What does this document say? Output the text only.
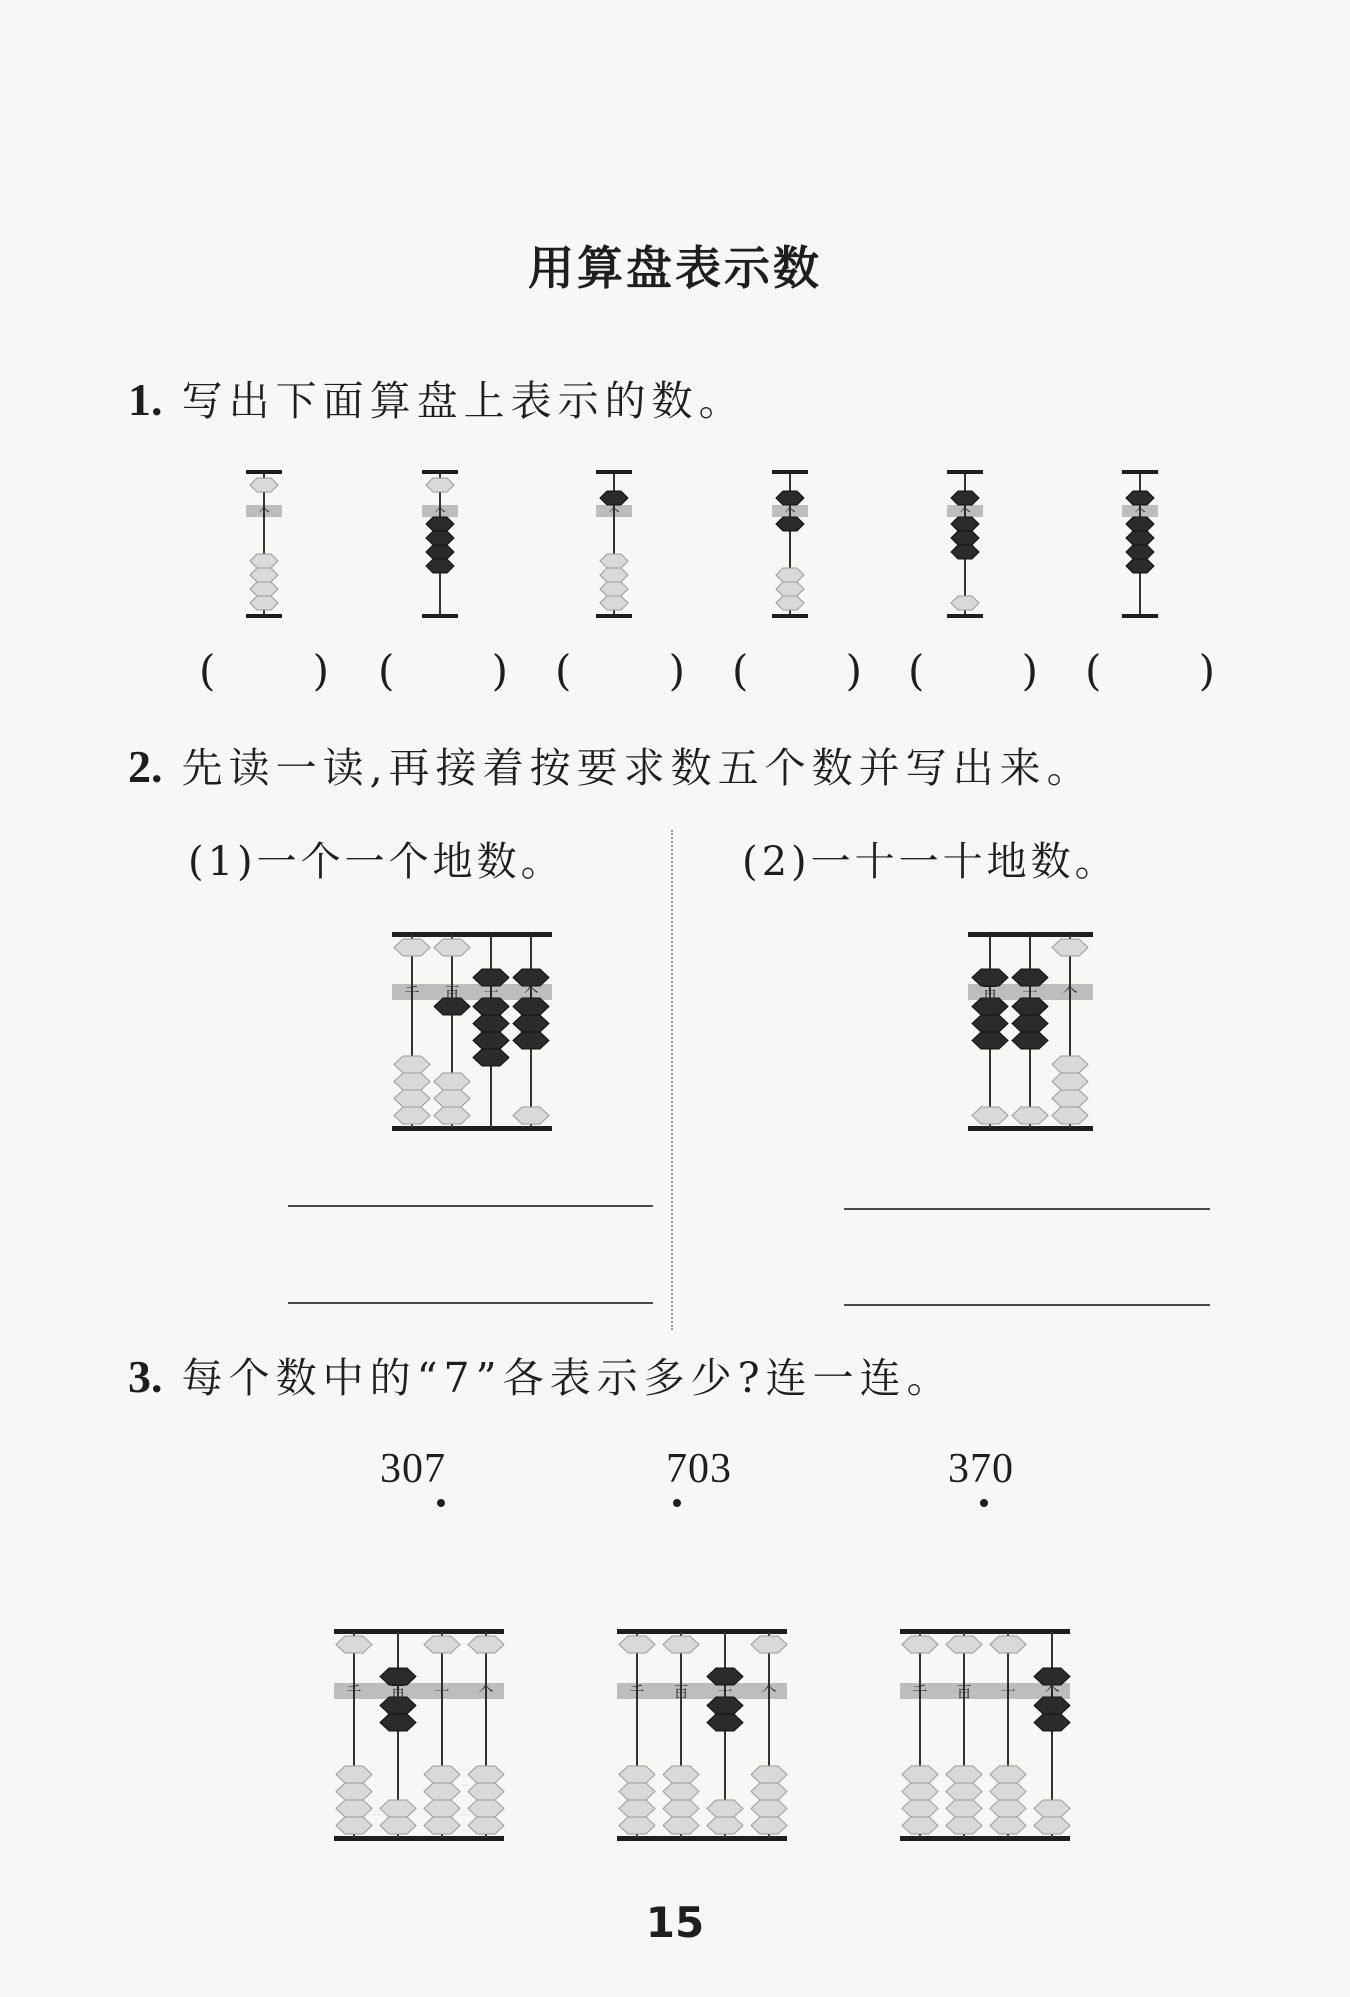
用算盘表示数
1. 写出下面算盘上表示的数。
个	个	个	个	个	个
( ) ( ) ( ) ( ) ( ) ( )
2. 先读一读,再接着按要求数五个数并写出来。
(1)一个一个地数。	(2)一十一十地数。
千 百 十 个	百 十 个
3. 每个数中的“7”各表示多少?连一连。
307	703	370
千 百 十 个	千 百 十 个	千 百 十 个
15
